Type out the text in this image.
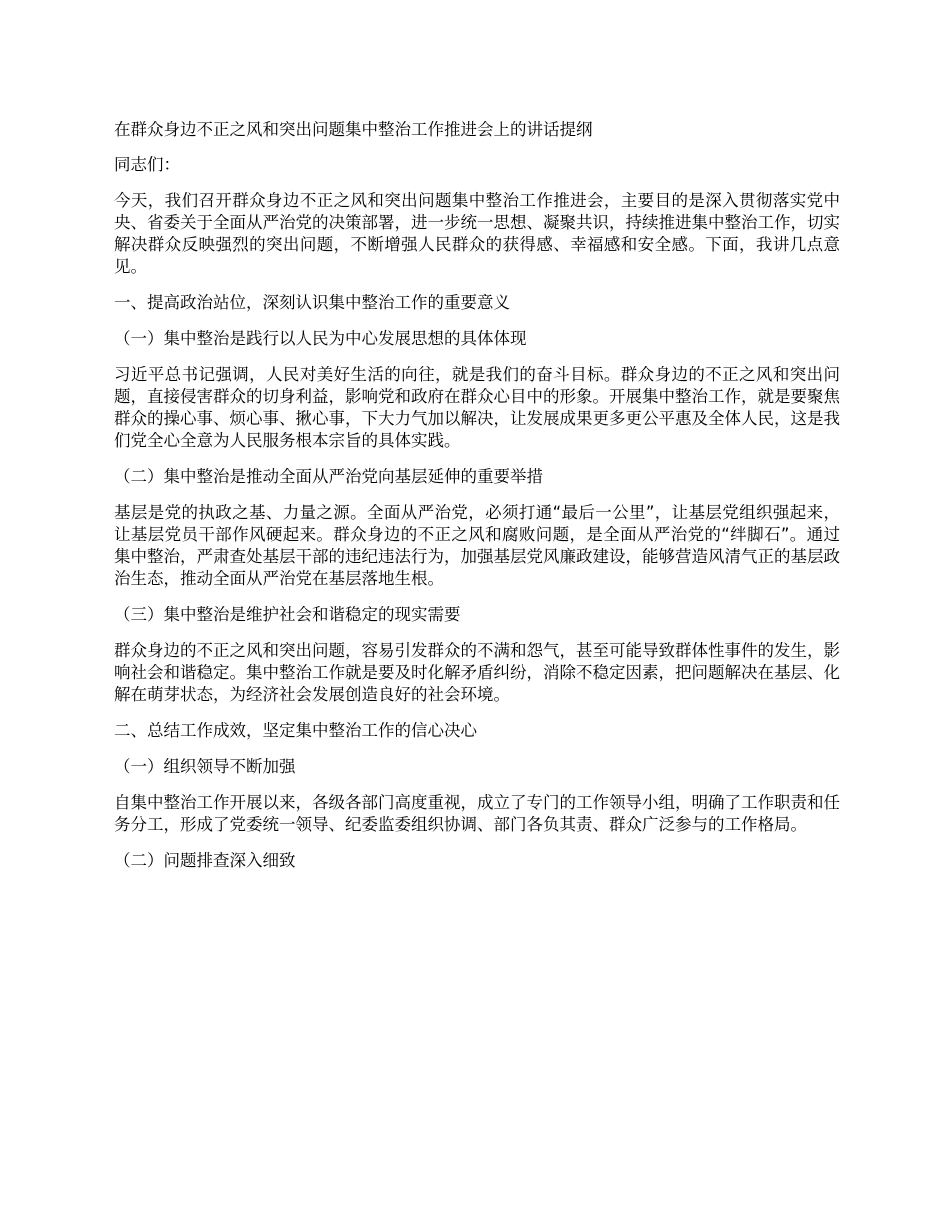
在群众身边不正之风和突出问题集中整治工作推进会上的讲话提纲
同志们：
今天，我们召开群众身边不正之风和突出问题集中整治工作推进会，主要目的是深入贯彻落实党中央、省委关于全面从严治党的决策部署，进一步统一思想、凝聚共识，持续推进集中整治工作，切实解决群众反映强烈的突出问题，不断增强人民群众的获得感、幸福感和安全感。下面，我讲几点意见。
一、提高政治站位，深刻认识集中整治工作的重要意义
（一）集中整治是践行以人民为中心发展思想的具体体现
习近平总书记强调，人民对美好生活的向往，就是我们的奋斗目标。群众身边的不正之风和突出问题，直接侵害群众的切身利益，影响党和政府在群众心目中的形象。开展集中整治工作，就是要聚焦群众的操心事、烦心事、揪心事，下大力气加以解决，让发展成果更多更公平惠及全体人民，这是我们党全心全意为人民服务根本宗旨的具体实践。
（二）集中整治是推动全面从严治党向基层延伸的重要举措
基层是党的执政之基、力量之源。全面从严治党，必须打通“最后一公里”，让基层党组织强起来，让基层党员干部作风硬起来。群众身边的不正之风和腐败问题，是全面从严治党的“绊脚石”。通过集中整治，严肃查处基层干部的违纪违法行为，加强基层党风廉政建设，能够营造风清气正的基层政治生态，推动全面从严治党在基层落地生根。
（三）集中整治是维护社会和谐稳定的现实需要
群众身边的不正之风和突出问题，容易引发群众的不满和怨气，甚至可能导致群体性事件的发生，影响社会和谐稳定。集中整治工作就是要及时化解矛盾纠纷，消除不稳定因素，把问题解决在基层、化解在萌芽状态，为经济社会发展创造良好的社会环境。
二、总结工作成效，坚定集中整治工作的信心决心
（一）组织领导不断加强
自集中整治工作开展以来，各级各部门高度重视，成立了专门的工作领导小组，明确了工作职责和任务分工，形成了党委统一领导、纪委监委组织协调、部门各负其责、群众广泛参与的工作格局。
（二）问题排查深入细致
